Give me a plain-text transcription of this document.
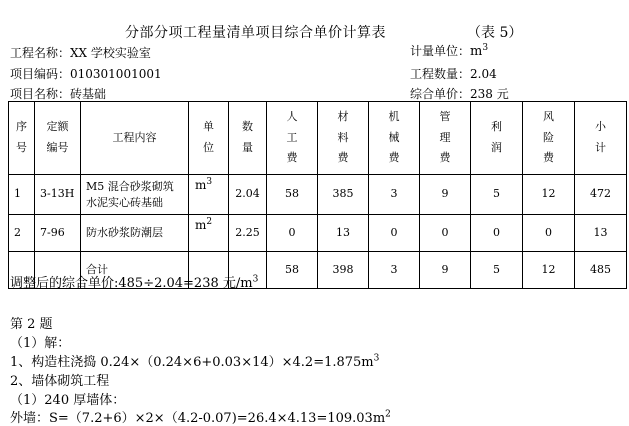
分部分项工程量清单项目综合单价计算表	（表 5）
工程名称：XX 学校实验室	计量单位：$m^3$
项目编码：010301001001	工程数量：2.04
项目名称：砖基础	综合单价：238 元
序号	定额编号	工程内容	单位	数量	人工费	材料费	机械费	管理费	利润	风险费	小计

1	3-13H	M5 混合砂浆砌筑水泥实心砖基础	$m^3$	2.04	58	385	3	9	5	12	472
2	7-96	防水砂浆防潮层	$m^2$	2.25	0	13	0	0	0	0	13
		合计			58	398	3	9	5	12	485
调整后的综合单价:485÷2.04=238 元$/m^3$
第 2 题
（1）解：
1、构造柱浇捣 $0.24\times(0.24\times 6+0.03\times 14)\times 4.2=1.875m^3$
2、墙体砌筑工程
（1）240 厚墙体：
外墙：$S=(7.2+6)\times 2\times(4.2-0.07)=26.4\times 4.13=109.03m^2$
